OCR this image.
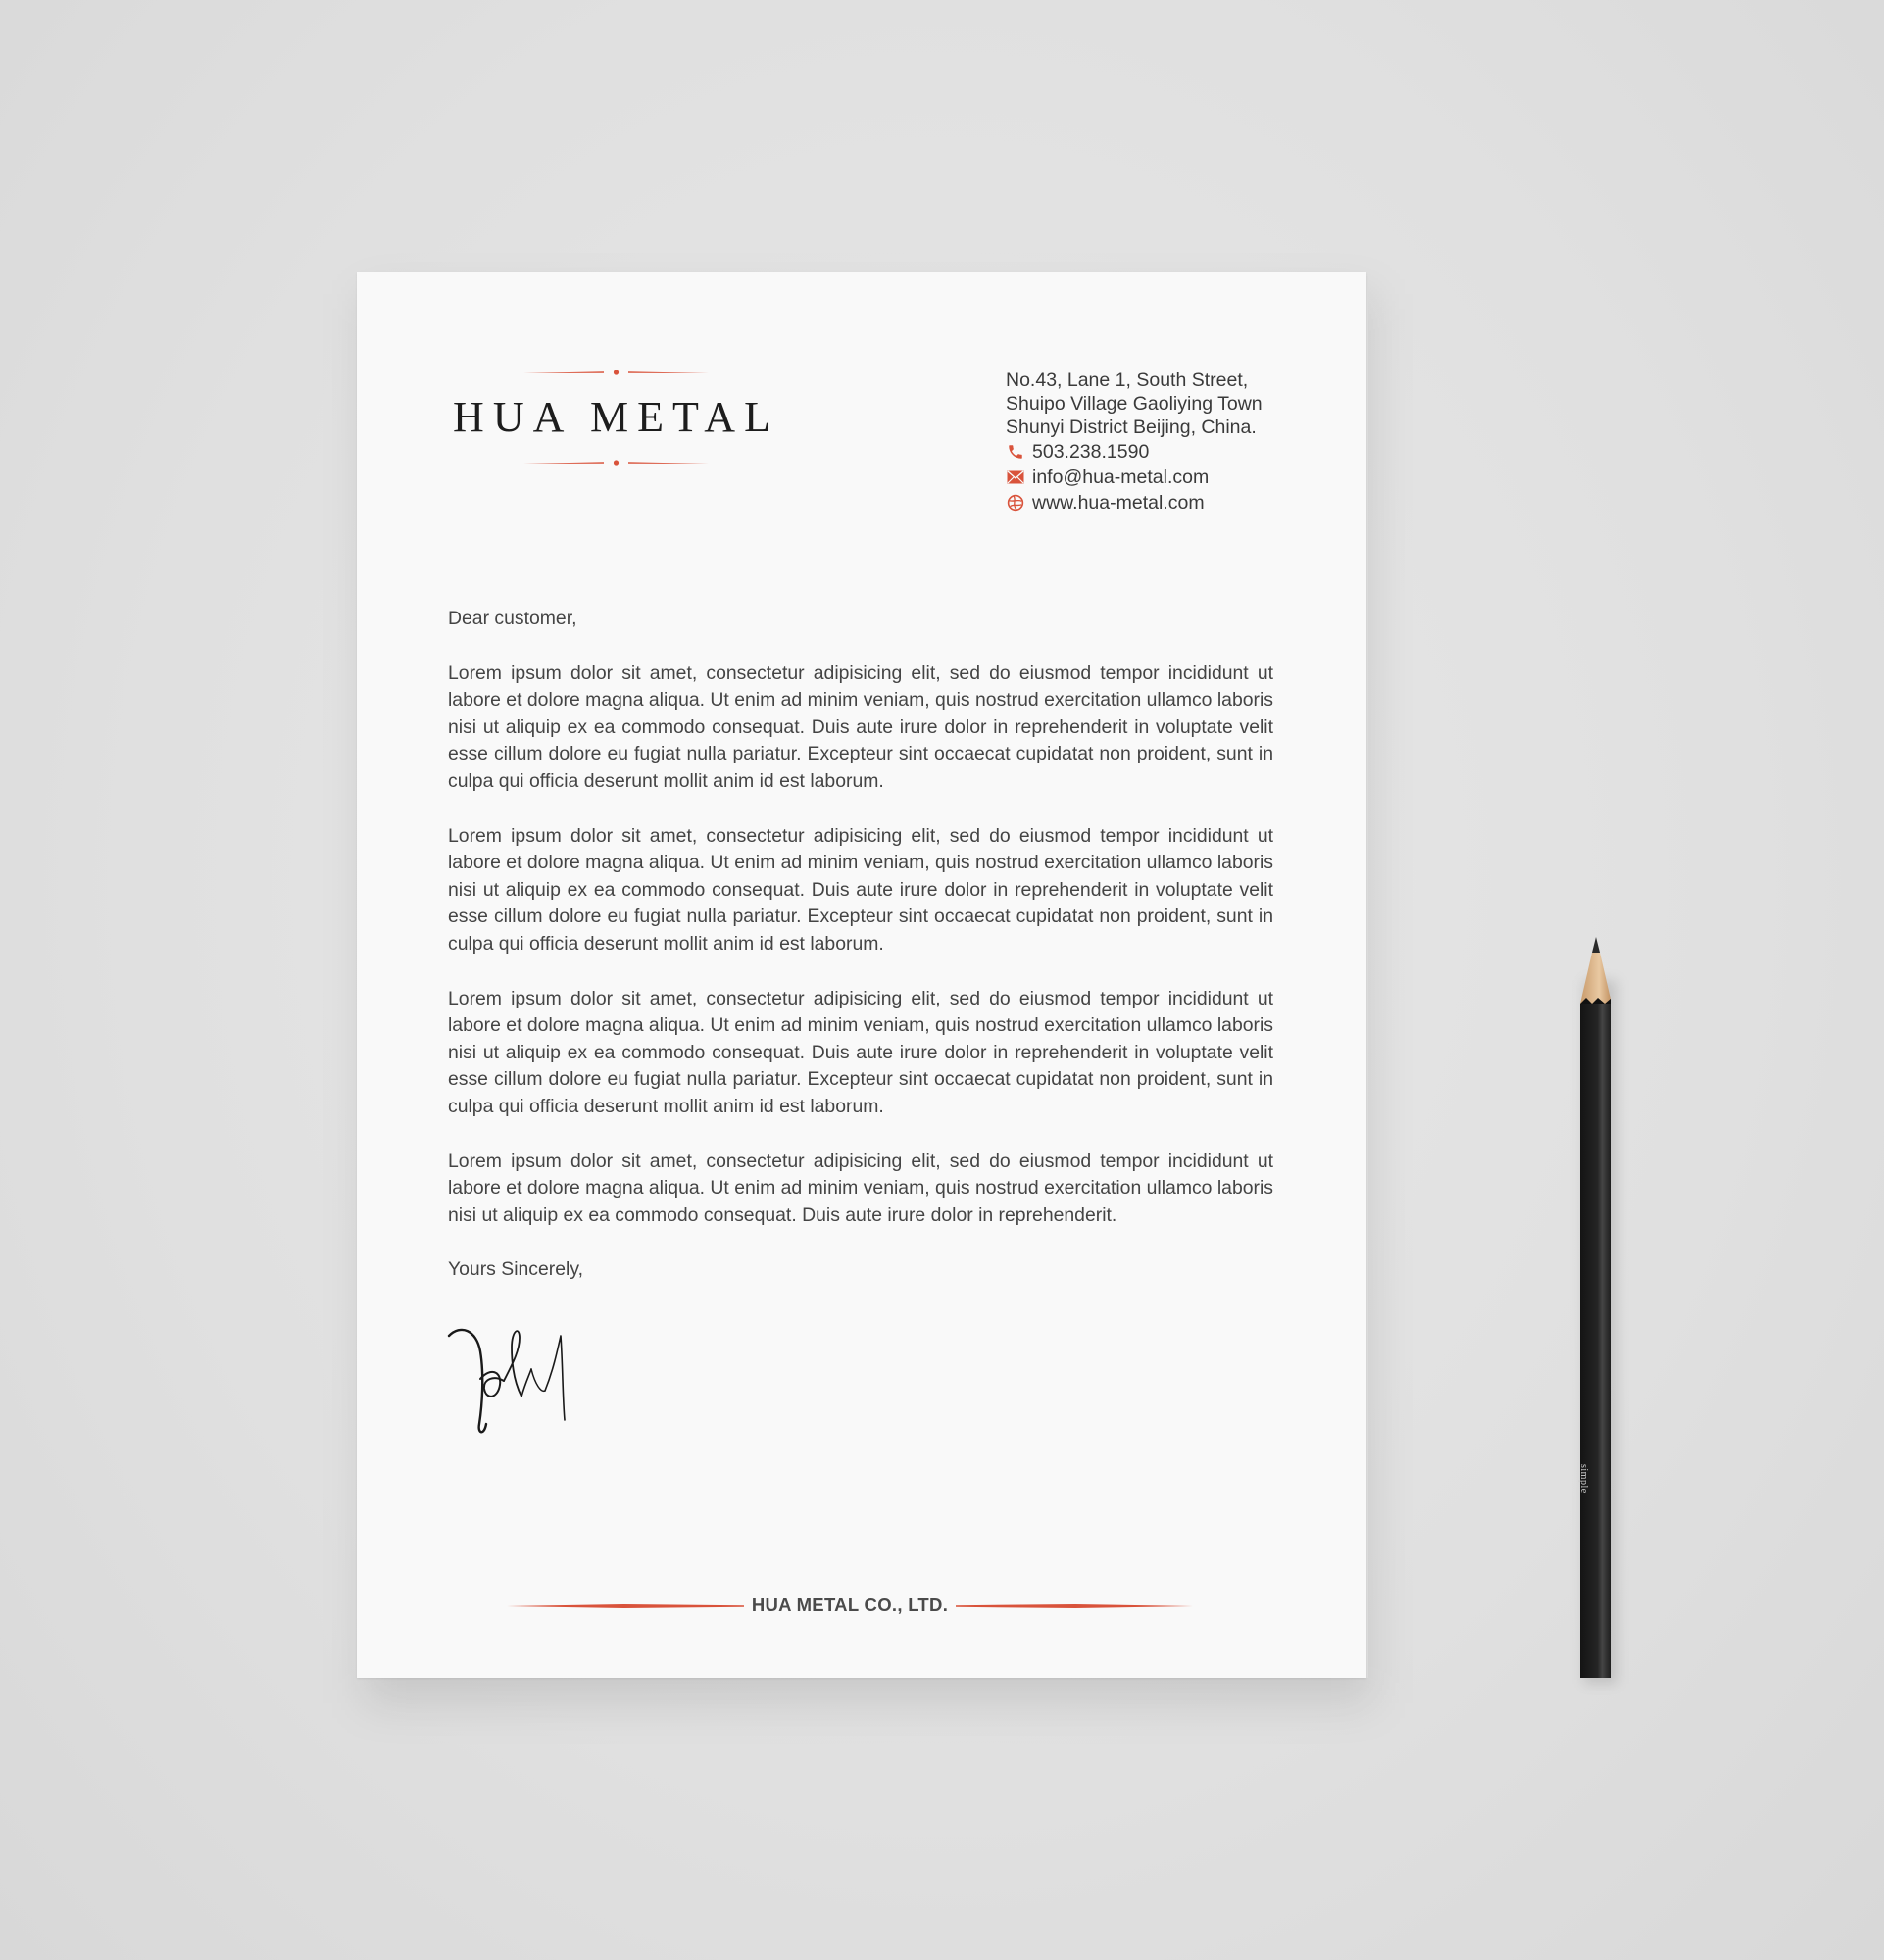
HUA METAL
No.43, Lane 1, South Street,
Shuipo Village Gaoliying Town
Shunyi District Beijing, China.
503.238.1590
info@hua-metal.com
www.hua-metal.com

Dear customer,

Lorem ipsum dolor sit amet, consectetur adipisicing elit, sed do eiusmod tempor incididunt ut labore et dolore magna aliqua. Ut enim ad minim veniam, quis nostrud exercitation ullamco laboris nisi ut aliquip ex ea commodo consequat. Duis aute irure dolor in reprehenderit in voluptate velit esse cillum dolore eu fugiat nulla pariatur. Excepteur sint occaecat cupidatat non proident, sunt in culpa qui officia deserunt mollit anim id est laborum.

Lorem ipsum dolor sit amet, consectetur adipisicing elit, sed do eiusmod tempor incididunt ut labore et dolore magna aliqua. Ut enim ad minim veniam, quis nostrud exercitation ullamco laboris nisi ut aliquip ex ea commodo consequat. Duis aute irure dolor in reprehenderit in voluptate velit esse cillum dolore eu fugiat nulla pariatur. Excepteur sint occaecat cupidatat non proident, sunt in culpa qui officia deserunt mollit anim id est laborum.

Lorem ipsum dolor sit amet, consectetur adipisicing elit, sed do eiusmod tempor incididunt ut labore et dolore magna aliqua. Ut enim ad minim veniam, quis nostrud exercitation ullamco laboris nisi ut aliquip ex ea commodo consequat. Duis aute irure dolor in reprehenderit in voluptate velit esse cillum dolore eu fugiat nulla pariatur. Excepteur sint occaecat cupidatat non proident, sunt in culpa qui officia deserunt mollit anim id est laborum.

Lorem ipsum dolor sit amet, consectetur adipisicing elit, sed do eiusmod tempor incididunt ut labore et dolore magna aliqua. Ut enim ad minim veniam, quis nostrud exercitation ullamco laboris nisi ut aliquip ex ea commodo consequat. Duis aute irure dolor in reprehenderit.

Yours Sincerely,

HUA METAL CO., LTD.
simple
